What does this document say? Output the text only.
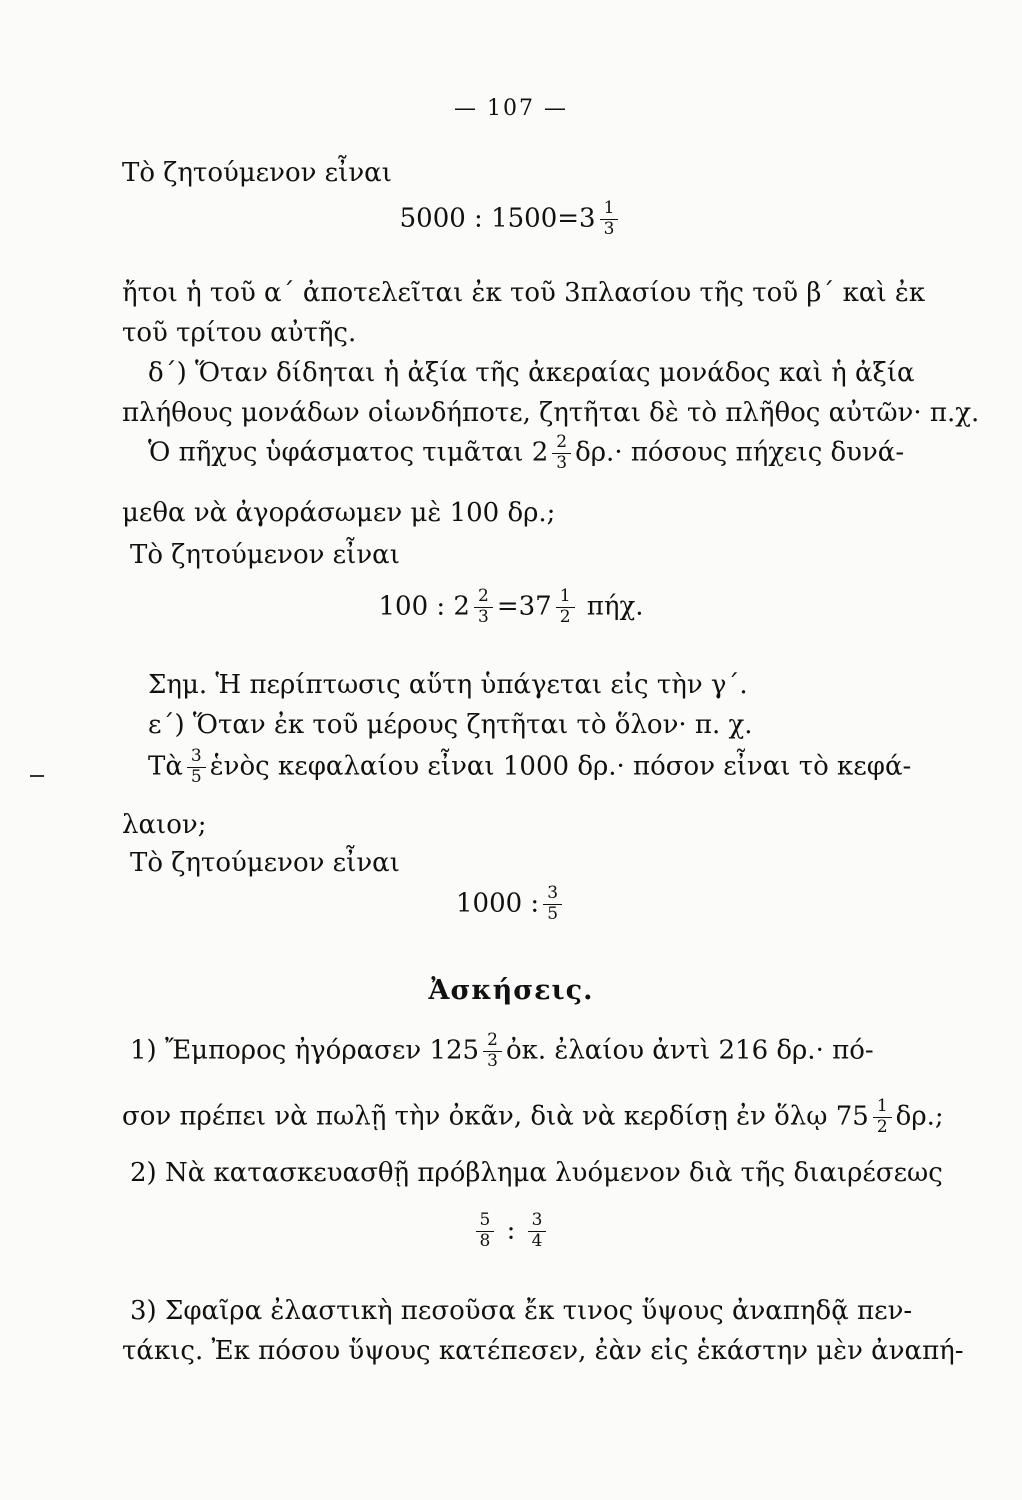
— 107 —
Τὸ ζητούμενον εἶναι
5000 : $1500=3 \frac{1}{3}$
ἤτοι ἡ τοῦ α΄ ἀποτελεῖται ἐκ τοῦ 3πλασίου τῆς τοῦ β΄ καὶ ἐκ
τοῦ τρίτου αὐτῆς.
δ΄) Ὅταν δίδηται ἡ ἀξία τῆς ἀκεραίας μονάδος καὶ ἡ ἀξία
πλήθους μονάδων οἱωνδήποτε, ζητῆται δὲ τὸ πλῆθος αὐτῶν· π.χ.
Ὁ πῆχυς ὑφάσματος τιμᾶται $2 \frac{2}{3} \delta\rho.\cdot \pi ό\sigma o\upsilon\varsigma$ πήχεις δυνά-
μεθα νὰ ἀγοράσωμεν μὲ 100 δρ.;
Τὸ ζητούμενον εἶναι
100 : $2 \frac{2}{3} =37 \frac{1}{2} \pi ή\chi$.
Σημ. Ἡ περίπτωσις αὕτη ὑπάγεται εἰς τὴν γ΄.
ε΄) Ὅταν ἐκ τοῦ μέρους ζητῆται τὸ ὅλον· π. χ.
Τὰ $\frac{3}{5}$ ἑνὸς κεφαλαίου εἶναι 1000 δρ.· πόσον εἶναι τὸ κεφά-
λαιον;
Τὸ ζητούμενον εἶναι
1000 : $\frac{3}{5}$
Ἀσκήσεις.
1) Ἔμπορος ἠγόρασεν $125 \frac{2}{3}$ ὀκ. ἐλαίου ἀντὶ 216 δρ.· πό-
σον πρέπει νὰ πωλῇ τὴν ὀκᾶν, διὰ νὰ κερδίσῃ ἐν ὅλῳ $75 \frac{1}{2} \delta\rho$.;
2) Νὰ κατασκευασθῇ πρόβλημα λυόμενον διὰ τῆς διαιρέσεως
$\frac{5}{8}$ : $\frac{3}{4}$
3) Σφαῖρα ἐλαστικὴ πεσοῦσα ἔκ τινος ὕψους ἀναπηδᾷ πεν-
τάκις. Ἐκ πόσου ὕψους κατέπεσεν, ἐὰν εἰς ἑκάστην μὲν ἀναπή-
